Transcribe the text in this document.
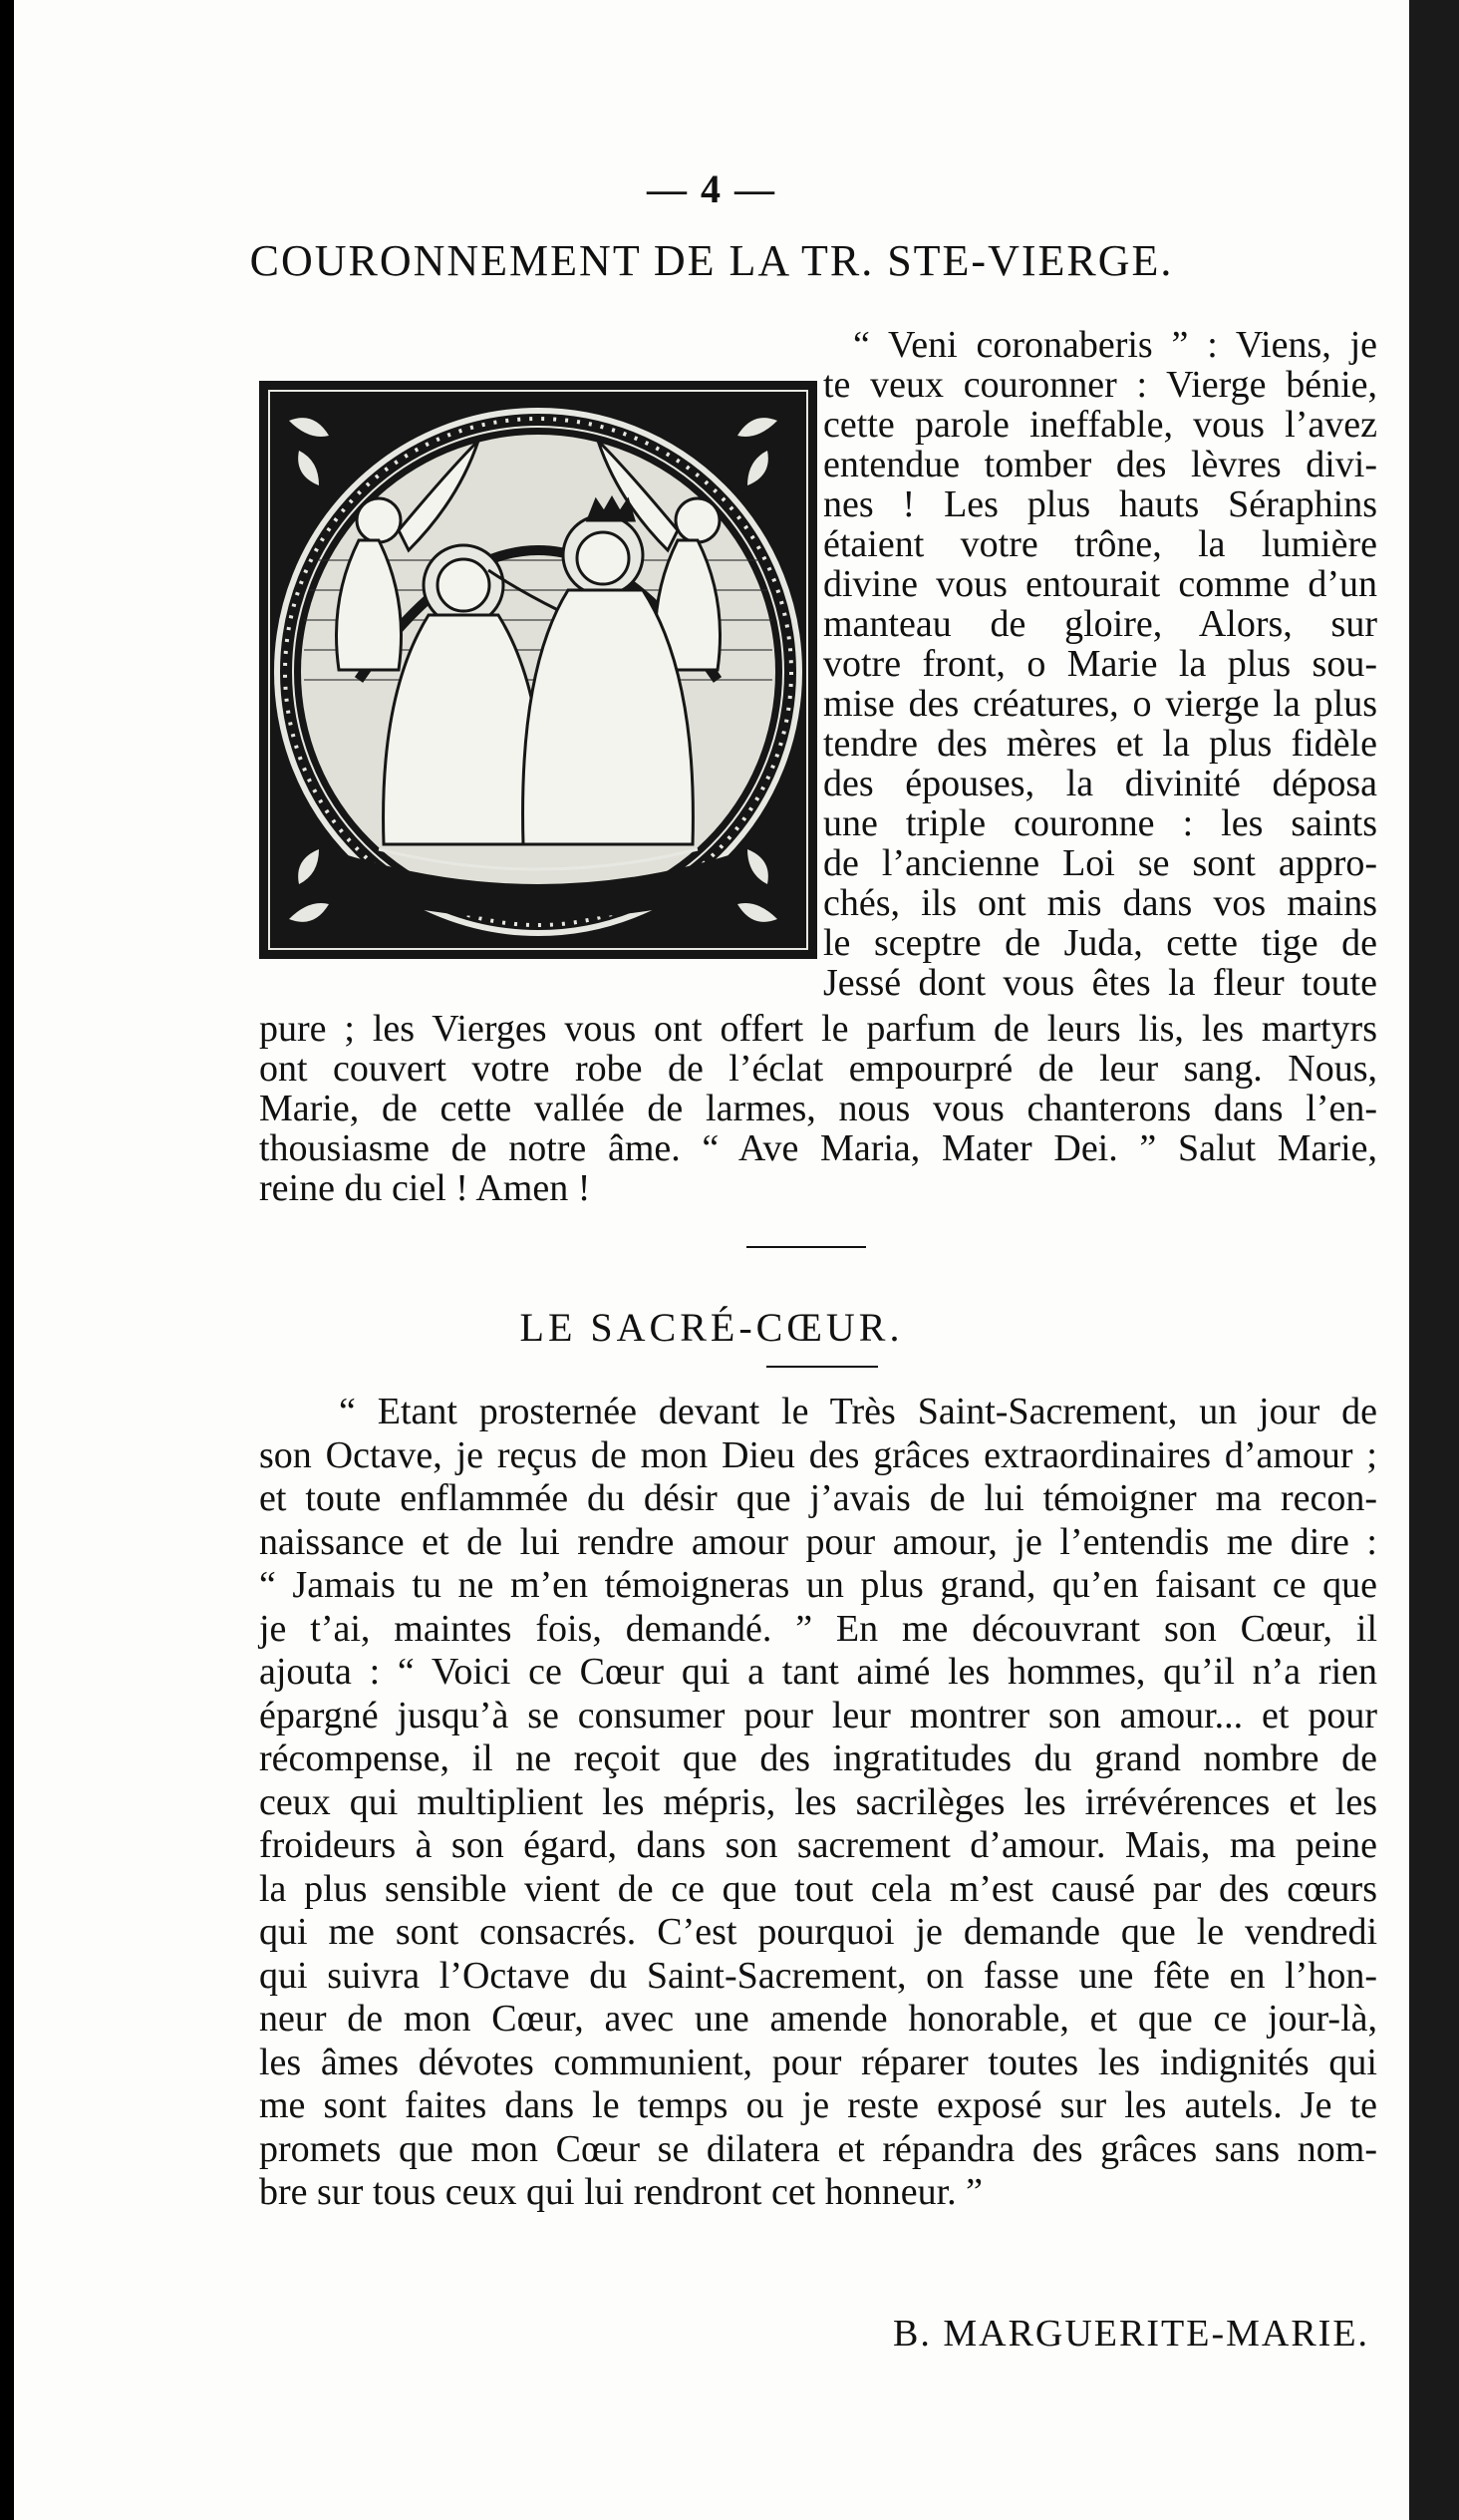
— 4 —
COURONNEMENT DE LA TR. STE-VIERGE.
“ Veni coronaberis ” : Viens, je
te veux couronner : Vierge bénie,
cette parole ineffable, vous l’avez
entendue tomber des lèvres divi-
nes ! Les plus hauts Séraphins
étaient votre trône, la lumière
divine vous entourait comme d’un
manteau de gloire, Alors, sur
votre front, o Marie la plus sou-
mise des créatures, o vierge la plus
tendre des mères et la plus fidèle
des épouses, la divinité déposa
une triple couronne : les saints
de l’ancienne Loi se sont appro-
chés, ils ont mis dans vos mains
le sceptre de Juda, cette tige de
Jessé dont vous êtes la fleur toute
pure ; les Vierges vous ont offert le parfum de leurs lis, les martyrs
ont couvert votre robe de l’éclat empourpré de leur sang. Nous,
Marie, de cette vallée de larmes, nous vous chanterons dans l’en-
thousiasme de notre âme. “ Ave Maria, Mater Dei. ” Salut Marie,
reine du ciel ! Amen !
LE SACRÉ-CŒUR.
“ Etant prosternée devant le Très Saint-Sacrement, un jour de
son Octave, je reçus de mon Dieu des grâces extraordinaires d’amour ;
et toute enflammée du désir que j’avais de lui témoigner ma recon-
naissance et de lui rendre amour pour amour, je l’entendis me dire :
“ Jamais tu ne m’en témoigneras un plus grand, qu’en faisant ce que
je t’ai, maintes fois, demandé. ” En me découvrant son Cœur, il
ajouta : “ Voici ce Cœur qui a tant aimé les hommes, qu’il n’a rien
épargné jusqu’à se consumer pour leur montrer son amour... et pour
récompense, il ne reçoit que des ingratitudes du grand nombre de
ceux qui multiplient les mépris, les sacrilèges les irrévérences et les
froideurs à son égard, dans son sacrement d’amour. Mais, ma peine
la plus sensible vient de ce que tout cela m’est causé par des cœurs
qui me sont consacrés. C’est pourquoi je demande que le vendredi
qui suivra l’Octave du Saint-Sacrement, on fasse une fête en l’hon-
neur de mon Cœur, avec une amende honorable, et que ce jour-là,
les âmes dévotes communient, pour réparer toutes les indignités qui
me sont faites dans le temps ou je reste exposé sur les autels. Je te
promets que mon Cœur se dilatera et répandra des grâces sans nom-
bre sur tous ceux qui lui rendront cet honneur. ”
B. MARGUERITE-MARIE.
